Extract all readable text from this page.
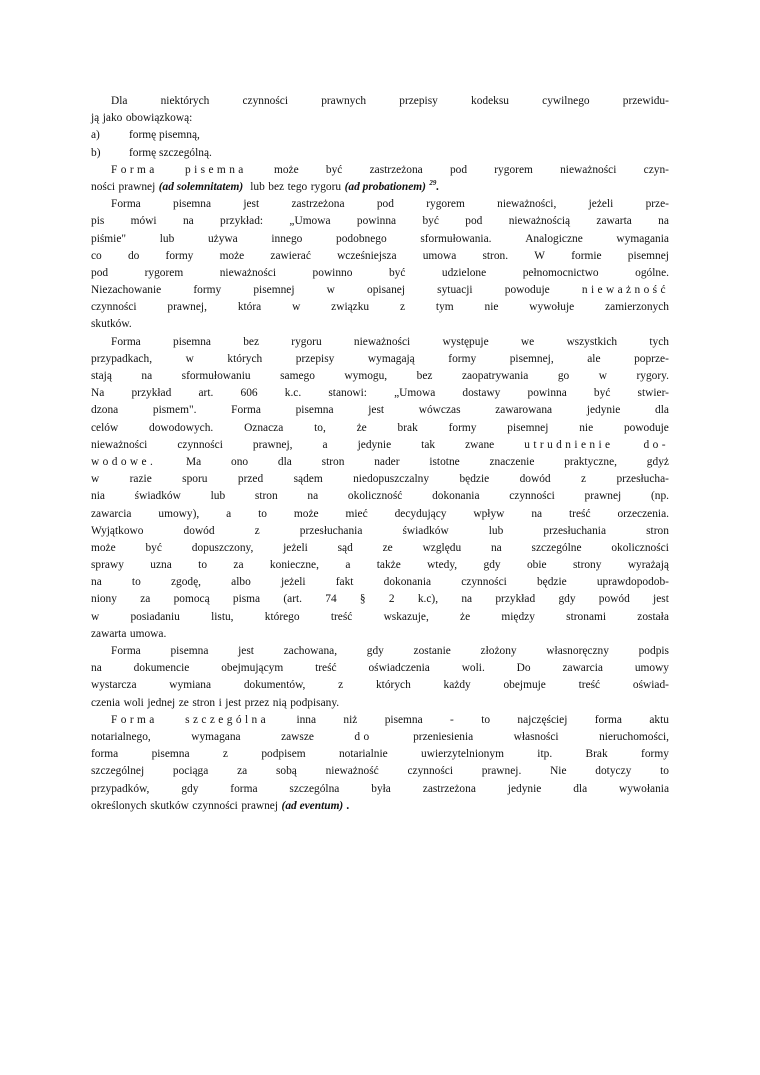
Dla	niektórych	czynności	prawnych	przepisy	kodeksu	cywilnego	przewidu-
ją jako obowiązkową:
a)	formę pisemną,
b)	formę szczególną.
Forma pisemna może być zastrzeżona pod rygorem nieważności czyn-
ności prawnej (ad solemnitatem) lub bez tego rygoru (ad probationem) $^{29}$.
Forma	pisemna	jest	zastrzeżona	pod	rygorem	nieważności,	jeżeli	prze-
pis mówi na przykład: „Umowa powinna być pod nieważnością zawarta na
piśmie"	lub	używa	innego	podobnego	sformułowania.	Analogiczne	wymagania
co do formy może zawierać wcześniejsza umowa stron. W formie pisemnej
pod	rygorem	nieważności	powinno	być	udzielone	pełnomocnictwo	ogólne.
Niezachowanie	formy	pisemnej	w	opisanej	sytuacji	powoduje	nieważność
czynności	prawnej,	która	w	związku	z	tym	nie	wywołuje	zamierzonych
skutków.
Forma	pisemna	bez	rygoru	nieważności	występuje	we	wszystkich	tych
przypadkach,	w	których	przepisy	wymagają	formy	pisemnej,	ale	poprze-
stają	na	sformułowaniu	samego	wymogu,	bez	zaopatrywania	go	w	rygory.
Na przykład art. 606 k.c. stanowi: „Umowa dostawy powinna być stwier-
dzona	pismem".	Forma	pisemna	jest	wówczas	zawarowana	jedynie	dla
celów	dowodowych.	Oznacza	to,	że	brak	formy	pisemnej	nie	powoduje
nieważności	czynności	prawnej,	a	jedynie	tak	zwane	utrudnienie	do-
wodowe.	Ma	ono	dla	stron	nader	istotne	znaczenie	praktyczne,	gdyż
w	razie	sporu	przed	sądem	niedopuszczalny	będzie	dowód	z	przesłucha-
nia	świadków	lub	stron	na	okoliczność	dokonania	czynności	prawnej	(np.
zawarcia umowy), a to może mieć decydujący wpływ na treść orzeczenia.
Wyjątkowo	dowód	z	przesłuchania	świadków	lub	przesłuchania	stron
może	być	dopuszczony,	jeżeli	sąd	ze	względu	na	szczególne	okoliczności
sprawy uzna to za konieczne, a także wtedy, gdy obie strony wyrażają
na	to	zgodę,	albo	jeżeli	fakt	dokonania	czynności	będzie	uprawdopodob-
niony za pomocą pisma (art. 74 § 2 k.c), na przykład gdy powód jest
w	posiadaniu	listu,	którego	treść	wskazuje,	że	między	stronami	została
zawarta umowa.
Forma	pisemna	jest	zachowana,	gdy	zostanie	złożony	własnoręczny	podpis
na	dokumencie	obejmującym	treść	oświadczenia	woli.	Do	zawarcia	umowy
wystarcza	wymiana	dokumentów,	z	których	każdy	obejmuje	treść	oświad-
czenia woli jednej ze stron i jest przez nią podpisany.
Forma szczególna inna niż pisemna - to najczęściej forma aktu
notarialnego,	wymagana	zawsze	do	przeniesienia	własności	nieruchomości,
forma	pisemna	z	podpisem	notarialnie	uwierzytelnionym	itp.	Brak	formy
szczególnej	pociąga	za	sobą	nieważność	czynności	prawnej.	Nie	dotyczy	to
przypadków,	gdy	forma	szczególna	była	zastrzeżona	jedynie	dla	wywołania
określonych skutków czynności prawnej (ad eventum) .
